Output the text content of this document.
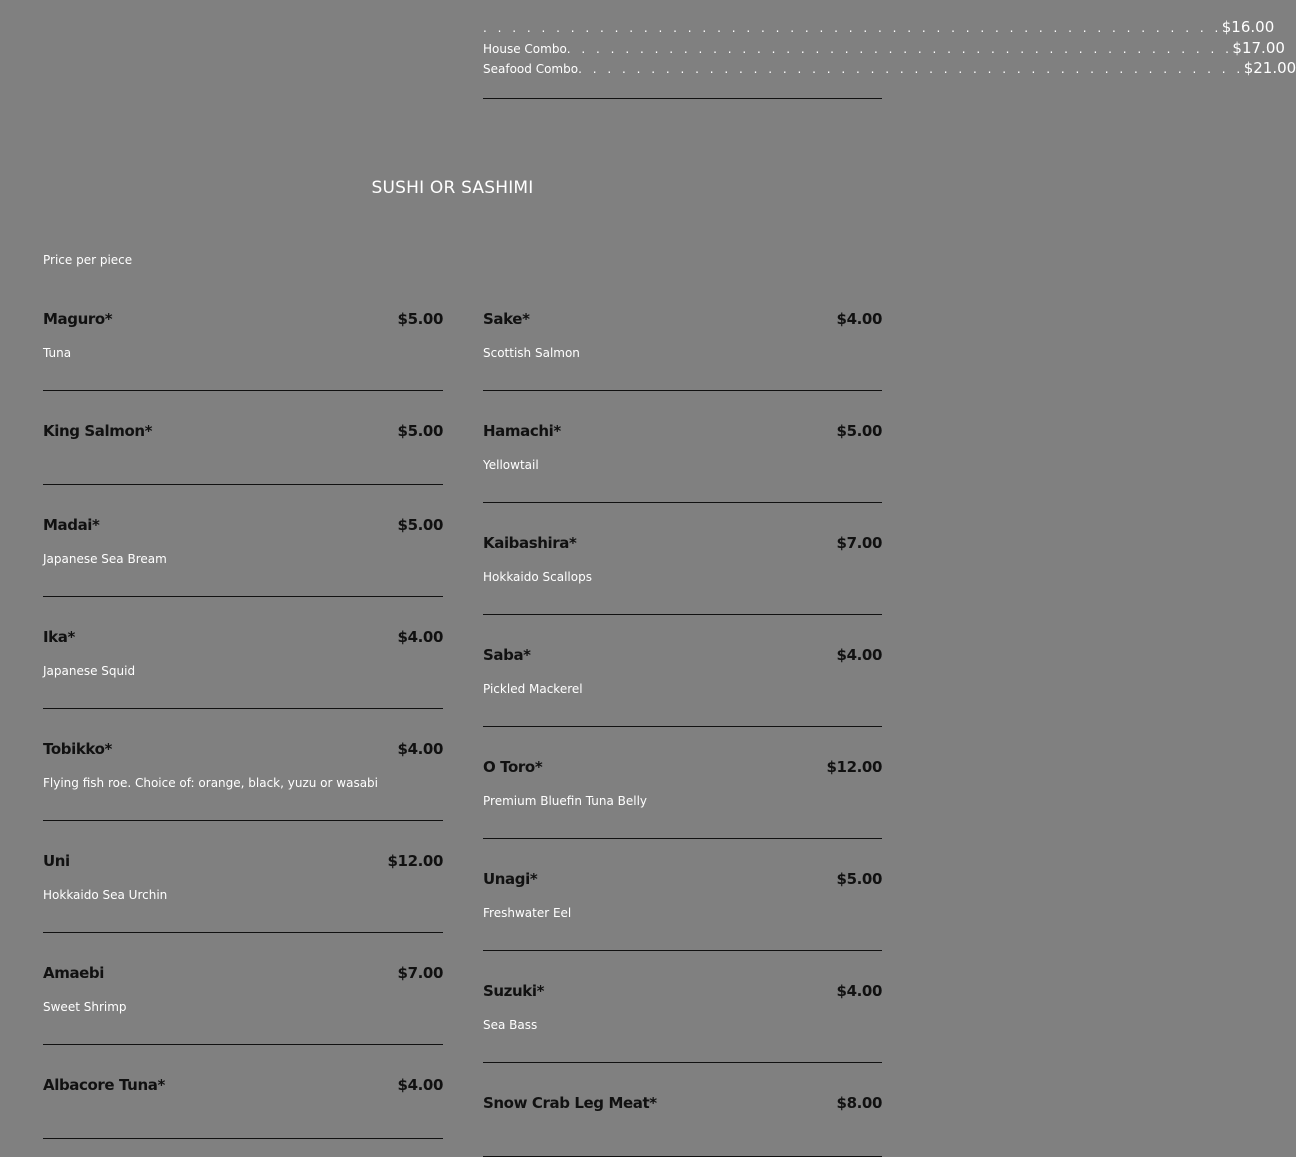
. . . . . . . . . . . . . . . . . . . . . . . . . . . . . . . . . . . . . . . . . . . . . . . . . . . $16.00
House Combo . . . . . . . . . . . . . . . . . . . . . . . . . . . . . . . . . . . . . . . . . . . . . . $17.00
Seafood Combo . . . . . . . . . . . . . . . . . . . . . . . . . . . . . . . . . . . . . . . . . . . . . . $21.00
SUSHI OR SASHIMI
Price per piece
Maguro*	$5.00
Tuna
King Salmon*	$5.00
Madai*	$5.00
Japanese Sea Bream
Ika*	$4.00
Japanese Squid
Tobikko*	$4.00
Flying fish roe. Choice of: orange, black, yuzu or wasabi
Uni	$12.00
Hokkaido Sea Urchin
Amaebi	$7.00
Sweet Shrimp
Albacore Tuna*	$4.00
Sake*	$4.00
Scottish Salmon
Hamachi*	$5.00
Yellowtail
Kaibashira*	$7.00
Hokkaido Scallops
Saba*	$4.00
Pickled Mackerel
O Toro*	$12.00
Premium Bluefin Tuna Belly
Unagi*	$5.00
Freshwater Eel
Suzuki*	$4.00
Sea Bass
Snow Crab Leg Meat*	$8.00
